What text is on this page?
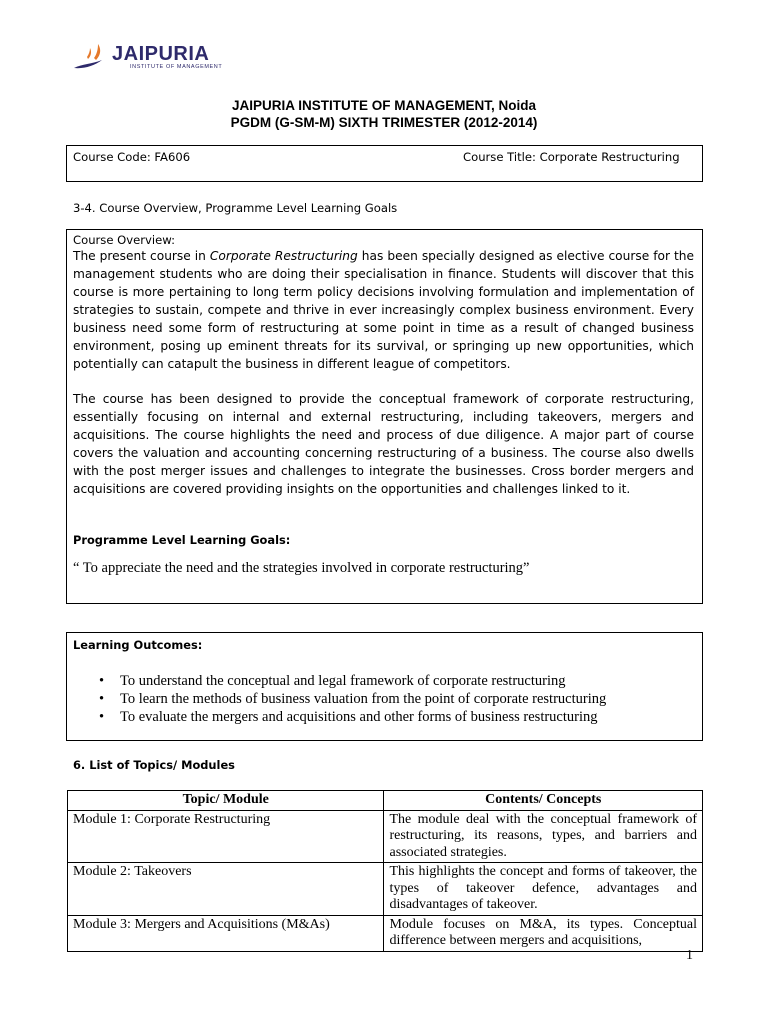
JAIPURIA
INSTITUTE OF MANAGEMENT
JAIPURIA INSTITUTE OF MANAGEMENT, Noida
PGDM (G-SM-M) SIXTH TRIMESTER (2012-2014)
Course Code: FA606	Course Title: Corporate Restructuring
3-4. Course Overview, Programme Level Learning Goals
Course Overview:

The present course in Corporate Restructuring has been specially designed as elective course for the management students who are doing their specialisation in finance. Students will discover that this course is more pertaining to long term policy decisions involving formulation and implementation of strategies to sustain, compete and thrive in ever increasingly complex business environment. Every business need some form of restructuring at some point in time as a result of changed business environment, posing up eminent threats for its survival, or springing up new opportunities, which potentially can catapult the business in different league of competitors.

The course has been designed to provide the conceptual framework of corporate restructuring, essentially focusing on internal and external restructuring, including takeovers, mergers and acquisitions. The course highlights the need and process of due diligence. A major part of course covers the valuation and accounting concerning restructuring of a business. The course also dwells with the post merger issues and challenges to integrate the businesses. Cross border mergers and acquisitions are covered providing insights on the opportunities and challenges linked to it.

Programme Level Learning Goals:
“ To appreciate the need and the strategies involved in corporate restructuring”
Learning Outcomes:
• To understand the conceptual and legal framework of corporate restructuring
• To learn the methods of business valuation from the point of corporate restructuring
• To evaluate the mergers and acquisitions and other forms of business restructuring
6. List of Topics/ Modules
Topic/ Module	Contents/ Concepts
Module 1: Corporate Restructuring	The module deal with the conceptual framework of restructuring, its reasons, types, and barriers and associated strategies.
Module 2: Takeovers	This highlights the concept and forms of takeover, the types of takeover defence, advantages and disadvantages of takeover.
Module 3: Mergers and Acquisitions (M&As)	Module focuses on M&A, its types. Conceptual difference between mergers and acquisitions,
1
